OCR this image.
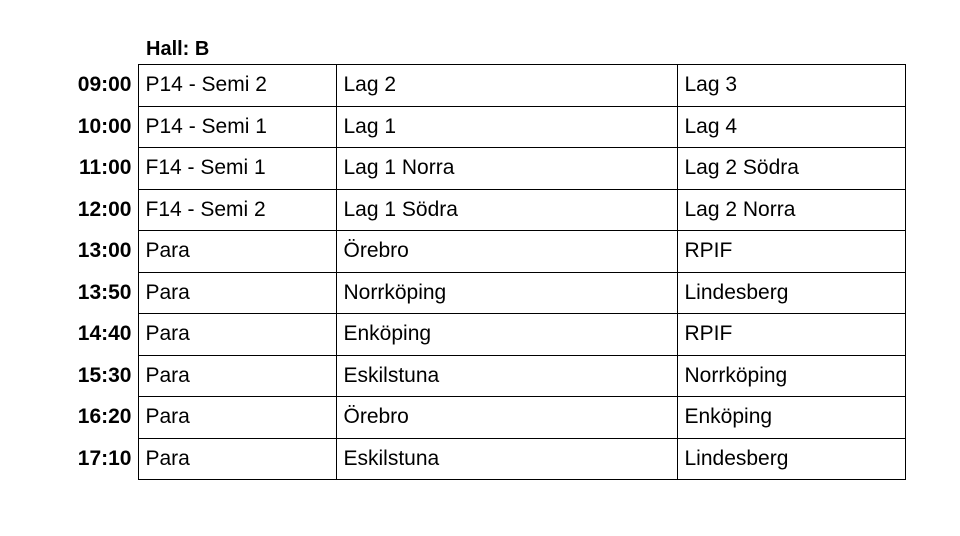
Hall: B
09:00	P14 - Semi 2	Lag 2	Lag 3
10:00	P14 - Semi 1	Lag 1	Lag 4
11:00	F14 - Semi 1	Lag 1 Norra	Lag 2 Södra
12:00	F14 - Semi 2	Lag 1 Södra	Lag 2 Norra
13:00	Para	Örebro	RPIF
13:50	Para	Norrköping	Lindesberg
14:40	Para	Enköping	RPIF
15:30	Para	Eskilstuna	Norrköping
16:20	Para	Örebro	Enköping
17:10	Para	Eskilstuna	Lindesberg
